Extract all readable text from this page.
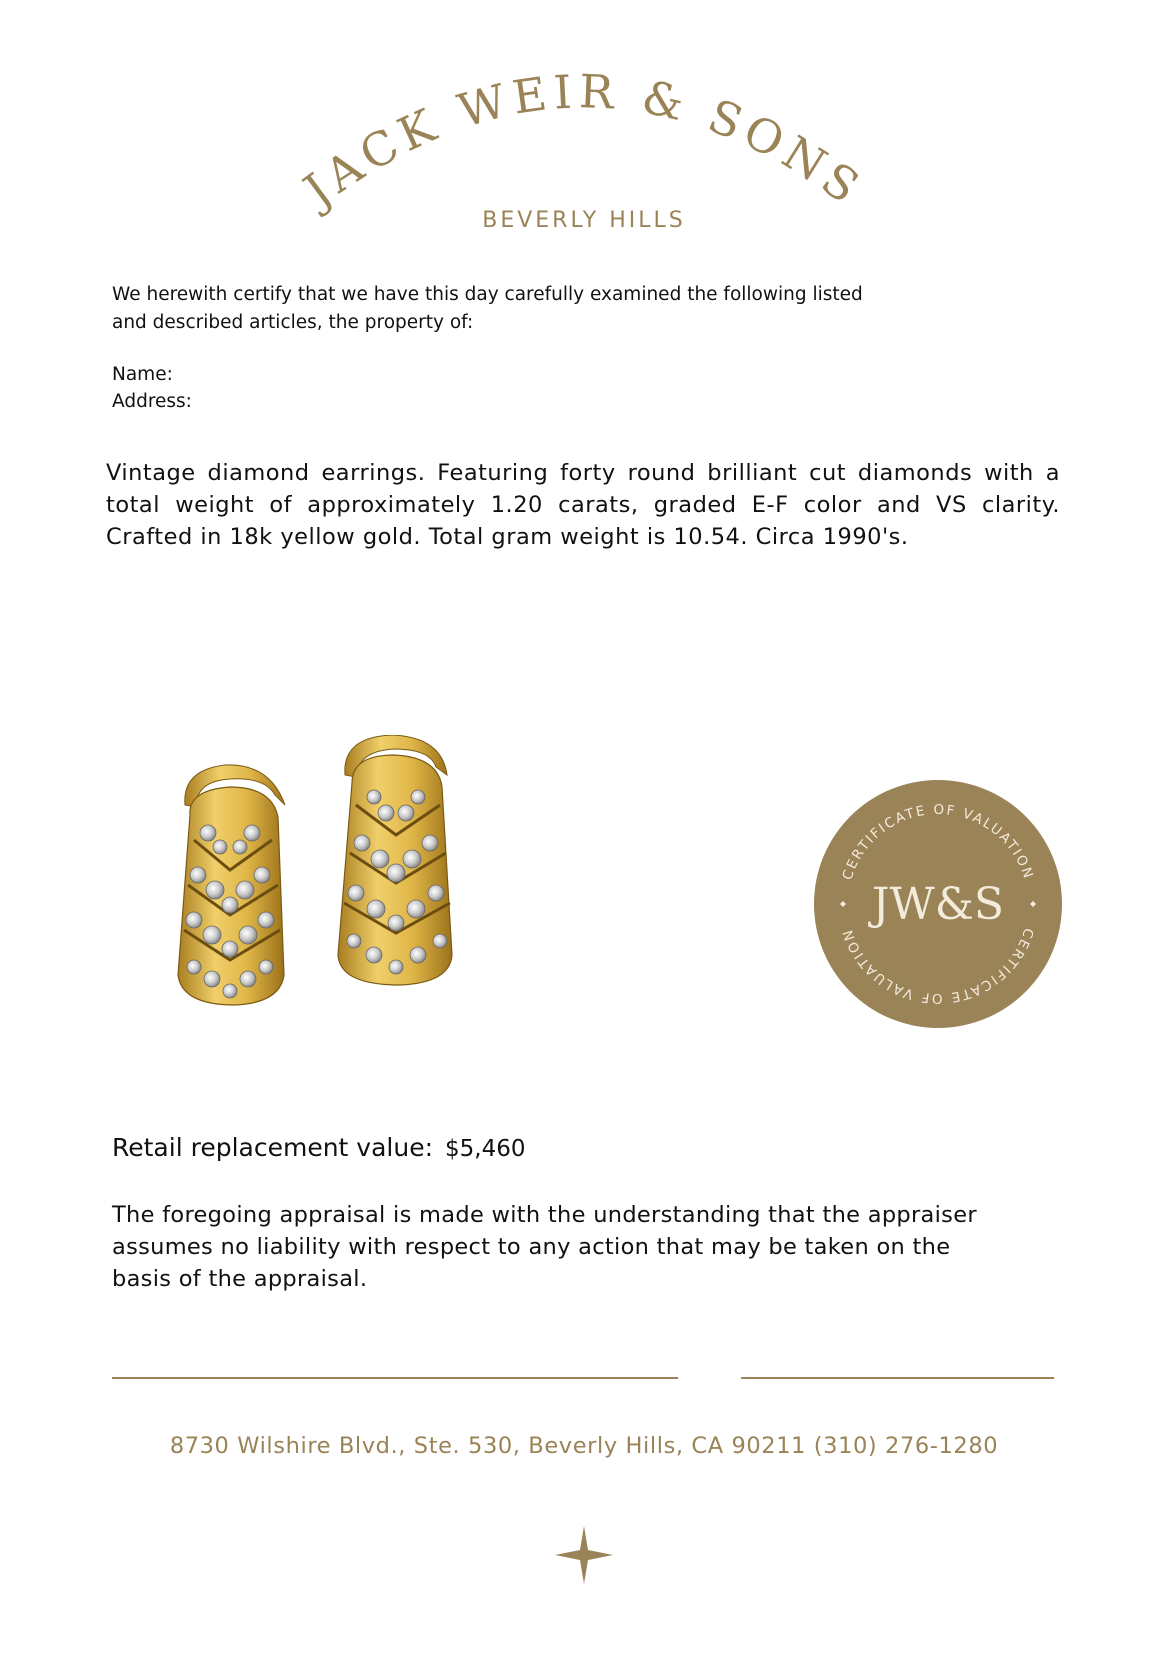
JACK WEIR & SONS
BEVERLY HILLS
We herewith certify that we have this day carefully examined the following listed and described articles, the property of:
Name:
Address:
Vintage diamond earrings. Featuring forty round brilliant cut diamonds with a total weight of approximately 1.20 carats, graded E-F color and VS clarity. Crafted in 18k yellow gold. Total gram weight is 10.54. Circa 1990's.
CERTIFICATE OF VALUATION
CERTIFICATE OF VALUATION
JW&S
Retail replacement value: $5,460
The foregoing appraisal is made with the understanding that the appraiser assumes no liability with respect to any action that may be taken on the basis of the appraisal.
8730 Wilshire Blvd., Ste. 530, Beverly Hills, CA 90211 (310) 276-1280
